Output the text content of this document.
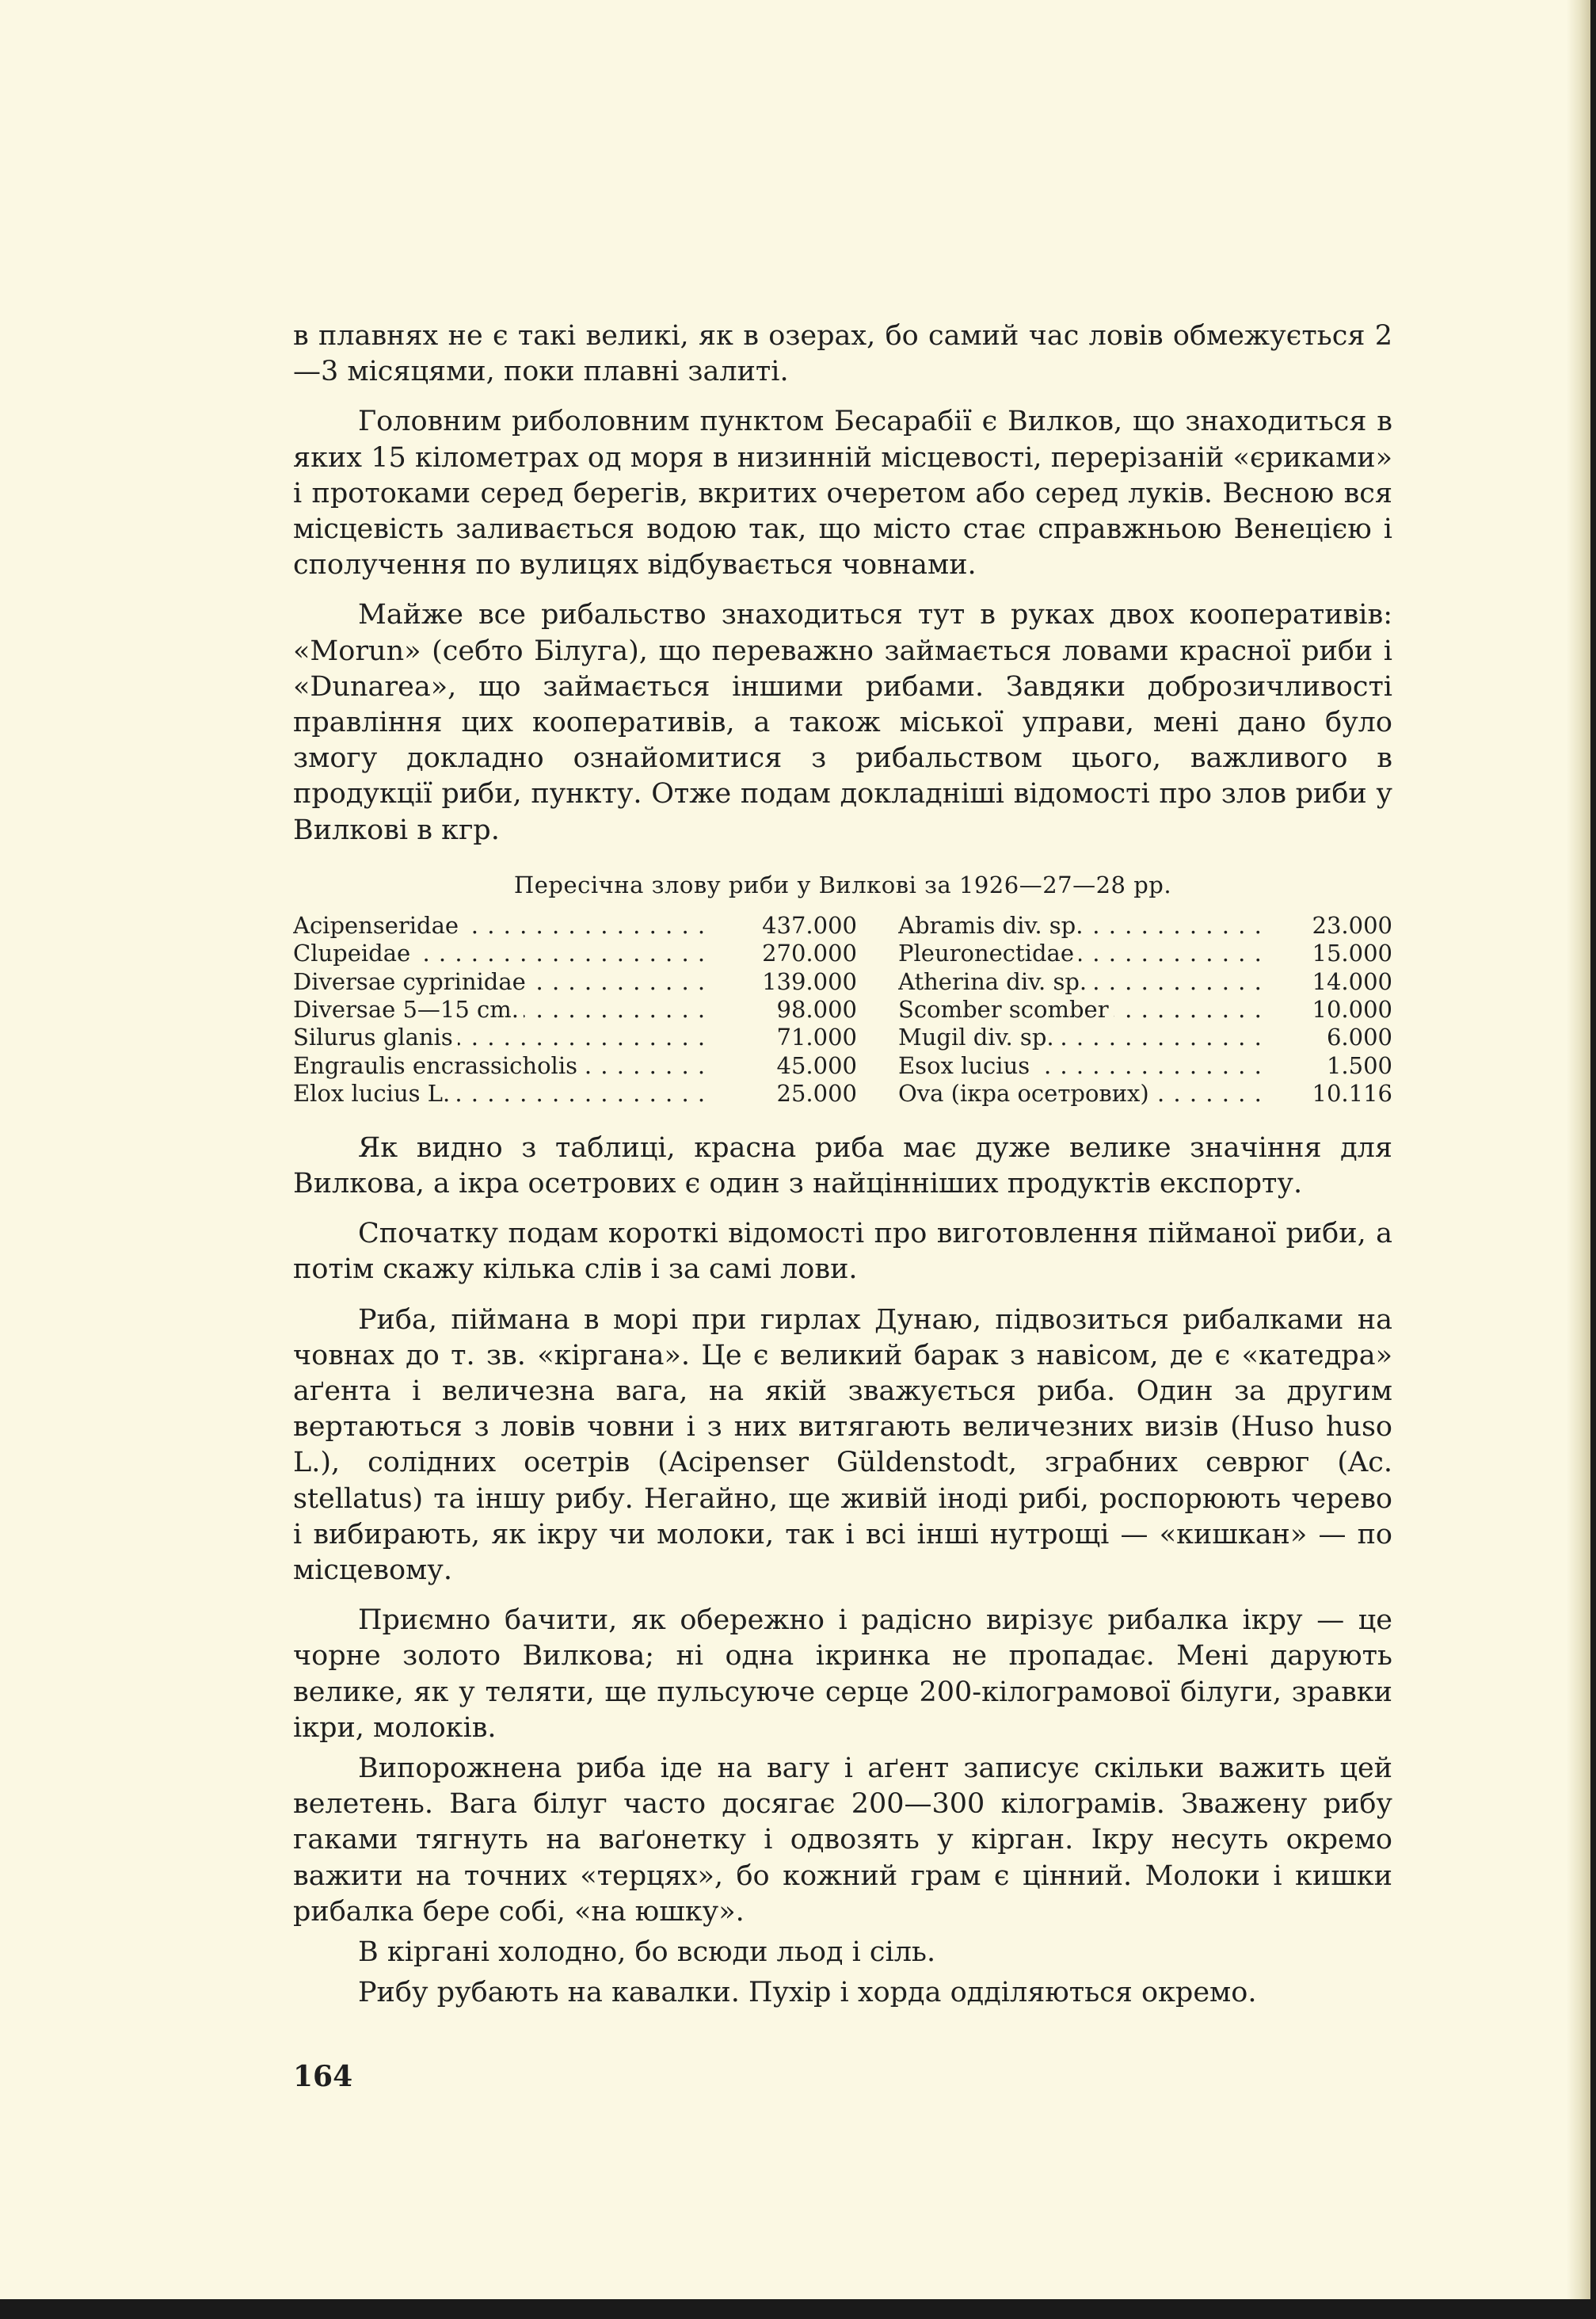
в плавнях не є такі великі, як в озерах, бо самий час ловів обмежується 2—3 місяцями, поки плавні залиті.

Головним риболовним пунктом Бесарабії є Вилков, що знаходиться в яких 15 кілометрах од моря в низинній місцевості, перерізаній «єриками» і протоками серед берегів, вкритих очеретом або серед луків. Весною вся місцевість заливається водою так, що місто стає справжньою Венецією і сполучення по вулицях відбувається човнами.

Майже все рибальство знаходиться тут в руках двох кооперативів: «Morun» (себто Білуга), що переважно займається ловами красної риби і «Dunarea», що займається іншими рибами. Завдяки доброзичливості правління цих кооперативів, а також міської управи, мені дано було змогу докладно ознайомитися з рибальством цього, важливого в продукції риби, пункту. Отже подам докладніші відомості про злов риби у Вилкові в кгр.

Пересічна злову риби у Вилкові за 1926—27—28 рр.
Acipenseridae . . .	437.000		Abramis div. sp. . . .	23.000
Clupeidae . . .	270.000		Pleuronectidae . . .	15.000
Diversae cyprinidae . . .	139.000		Atherina div. sp. . . .	14.000
Diversae 5—15 cm. . . .	98.000		Scomber scomber . . .	10.000
Silurus glanis . . .	71.000		Mugil div. sp. . . .	6.000
Engraulis encrassicholis . . .	45.000		Esox lucius . . .	1.500
Elox lucius L. . . .	25.000		Ova (ікра осетрових) . . .	10.116

Як видно з таблиці, красна риба має дуже велике значіння для Вилкова, а ікра осетрових є один з найцінніших продуктів експорту.

Спочатку подам короткі відомості про виготовлення пійманої риби, а потім скажу кілька слів і за самі лови.

Риба, піймана в морі при гирлах Дунаю, підвозиться рибалками на човнах до т. зв. «кіргана». Це є великий барак з навісом, де є «катедра» аґента і величезна вага, на якій зважується риба. Один за другим вертаються з ловів човни і з них витягають величезних визів (Huso huso L.), солідних осетрів (Acipenser Güldenstodt, зграбних севрюг (Ac. stellatus) та іншу рибу. Негайно, ще живій іноді рибі, роспорюють черево і вибирають, як ікру чи молоки, так і всі інші нутрощі — «кишкан» — по місцевому.

Приємно бачити, як обережно і радісно вирізує рибалка ікру — це чорне золото Вилкова; ні одна ікринка не пропадає. Мені дарують велике, як у теляти, ще пульсуюче серце 200-кілограмової білуги, зравки ікри, молоків.

Випорожнена риба іде на вагу і аґент записує скільки важить цей велетень. Вага білуг часто досягає 200—300 кілограмів. Зважену рибу гаками тягнуть на ваґонетку і одвозять у кірган. Ікру несуть окремо важити на точних «терцях», бо кожний грам є цінний. Молоки і кишки рибалка бере собі, «на юшку».

В кіргані холодно, бо всюди льод і сіль.

Рибу рубають на кавалки. Пухір і хорда одділяються окремо.

164
